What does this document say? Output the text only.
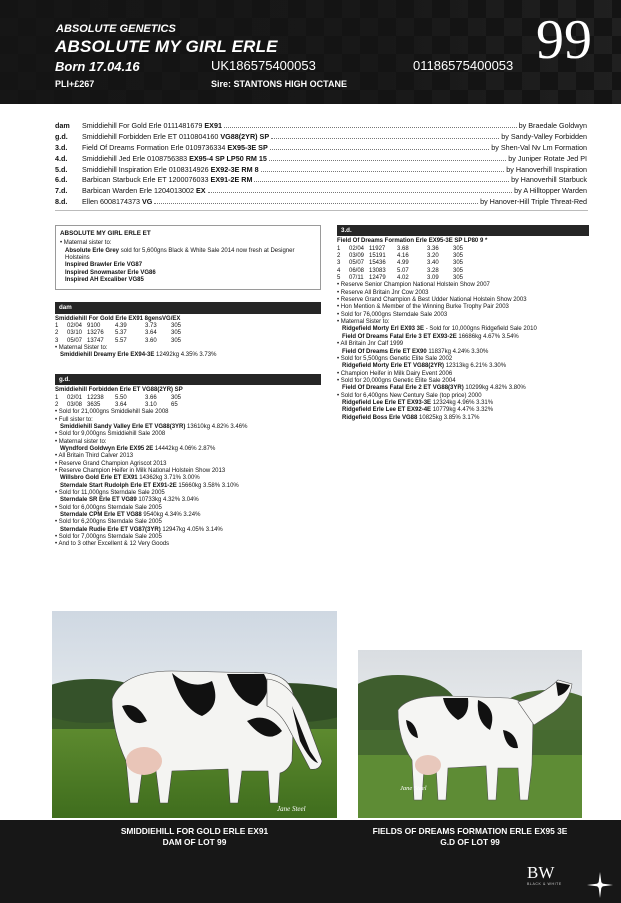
ABSOLUTE GENETICS
ABSOLUTE MY GIRL ERLE
Born 17.04.16	UK186575400053	01186575400053
PLI+£267	Sire: STANTONS HIGH OCTANE
99
dam	Smiddiehill For Gold Erle 0111481679 EX91	by Braedale Goldwyn
g.d.	Smiddiehill Forbidden Erle ET 0110804160 VG88(2YR) SP	by Sandy-Valley Forbidden
3.d.	Field Of Dreams Formation Erle 0109736334 EX95-3E SP	by Shen-Val Nv Lm Formation
4.d.	Smiddiehill Jed Erle 0108756383 EX95-4 SP LP50 RM 15	by Juniper Rotate Jed PI
5.d.	Smiddiehill Inspiration Erle 0108314926 EX92-3E RM 8	by Hanoverhill Inspiration
6.d.	Barbican Starbuck Erle ET 1200076033 EX91-2E RM	by Hanoverhill Starbuck
7.d.	Barbican Warden Erle 1204013002 EX	by A Hilltopper Warden
8.d.	Ellen 6008174373 VG	by Hanover-Hill Triple Threat-Red
ABSOLUTE MY GIRL ERLE ET
• Maternal sister to:
Absolute Erle Grey sold for 5,600gns Black & White Sale 2014 now fresh at Designer Holsteins
Inspired Brawler Erle VG87
Inspired Snowmaster Erle VG86
Inspired AH Excaliber VG85
dam
Smiddiehill For Gold Erle EX91 8gensVG/EX
1	02/04 9100	4.39	3.73	305
2	03/10 13276	5.37	3.64	305
3	05/07 13747	5.57	3.60	305
• Maternal Sister to:
Smiddiehill Dreamy Erle EX94-3E 12492kg 4.35% 3.73%
g.d.
Smiddiehill Forbidden Erle ET VG88(2YR) SP
1	02/01 12238	5.50	3.66	305
2	03/08 3635	3.64	3.10	65
• Sold for 21,000gns Smiddiehill Sale 2008
• Full sister to:
Smiddiehill Sandy Valley Erle ET VG88(3YR) 13610kg 4.82% 3.46%
• Sold for 9,000gns Smiddiehill Sale 2008
• Maternal sister to:
Wyndford Goldwyn Erle EX95 2E 14442kg 4.06% 2.87%
• All Britain Third Calver 2013
• Reserve Grand Champion Agriscot 2013
• Reserve Champion Heifer in Milk National Holstein Show 2013
Willsbro Gold Erle ET EX91 14362kg 3.71% 3.00%
Sterndale Start Rudolph Erle ET EX91-2E 15660kg 3.58% 3.10%
• Sold for 11,000gns Sterndale Sale 2005
Sterndale SR Erle ET VG89 10733kg 4.32% 3.04%
• Sold for 6,000gns Sterndale Sale 2005
Sterndale CPM Erle ET VG88 9540kg 4.34% 3.24%
• Sold for 6,200gns Sterndale Sale 2005
Sterndale Rudie Erle ET VG87(3YR) 12947kg 4.05% 3.14%
• Sold for 7,000gns Sterndale Sale 2005
• And to 3 other Excellent & 12 Very Goods
3.d.
Field Of Dreams Formation Erle EX95-3E SP LP80 9 *
1	02/04 11927	3.68	3.36	305
2	03/09 15191	4.16	3.20	305
3	05/07 15436	4.99	3.40	305
4	06/08 13083	5.07	3.28	305
5	07/11 12479	4.02	3.09	305
• Reserve Senior Champion National Holstein Show 2007
• Reserve All Britain Jnr Cow 2003
• Reserve Grand Champion & Best Udder National Holstein Show 2003
• Hon Mention & Member of the Winning Burke Trophy Pair 2003
• Sold for 76,000gns Sterndale Sale 2003
• Maternal Sister to:
Ridgefield Morty Erl EX93 3E - Sold for 10,000gns Ridgefield Sale 2010
Field Of Dreams Fatal Erle 3 ET EX93-2E 16686kg 4.67% 3.54%
• All Britain Jnr Calf 1999
Field Of Dreams Erle ET EX90 11837kg 4.24% 3.30%
• Sold for 5,500gns Genetic Elite Sale 2002
Ridgefield Morty Erle ET VG88(2YR) 12313kg 6.21% 3.30%
• Champion Heifer in Milk Dairy Event 2006
• Sold for 20,000gns Genetic Elite Sale 2004
Field Of Dreams Fatal Erle 2 ET VG88(3YR) 10299kg 4.82% 3.80%
• Sold for 6,400gns New Century Sale (top price) 2000
Ridgefield Lee Erle ET EX93-3E 12324kg 4.96% 3.31%
Ridgefield Erle Lee ET EX92-4E 10779kg 4.47% 3.32%
Ridgefield Boss Erle VG88 10825kg 3.85% 3.17%
Jane Steel
Jane Steel
SMIDDIEHILL FOR GOLD ERLE EX91
DAM OF LOT 99
FIELDS OF DREAMS FORMATION ERLE EX95 3E
G.D OF LOT 99
BW
BLACK & WHITE
